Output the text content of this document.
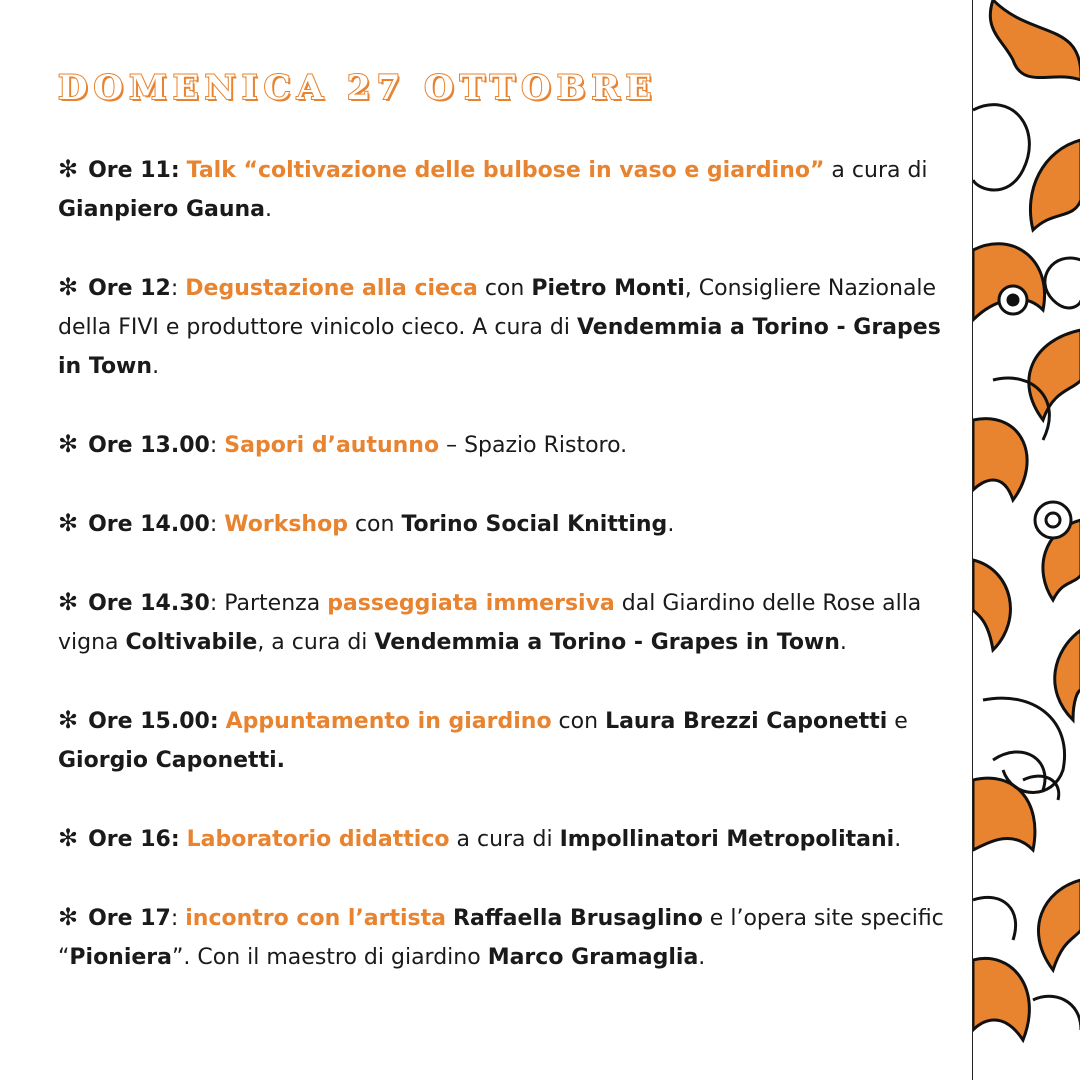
DOMENICA 27 OTTOBRE

✻ Ore 11: Talk “coltivazione delle bulbose in vaso e giardino” a cura di Gianpiero Gauna.

✻ Ore 12: Degustazione alla cieca con Pietro Monti, Consigliere Nazionale della FIVI e produttore vinicolo cieco. A cura di Vendemmia a Torino - Grapes in Town.

✻ Ore 13.00: Sapori d’autunno – Spazio Ristoro.

✻ Ore 14.00: Workshop con Torino Social Knitting.

✻ Ore 14.30: Partenza passeggiata immersiva dal Giardino delle Rose alla vigna Coltivabile, a cura di Vendemmia a Torino - Grapes in Town.

✻ Ore 15.00: Appuntamento in giardino con Laura Brezzi Caponetti e Giorgio Caponetti.

✻ Ore 16: Laboratorio didattico a cura di Impollinatori Metropolitani.

✻ Ore 17: incontro con l’artista Raffaella Brusaglino e l’opera site specific “Pioniera”. Con il maestro di giardino Marco Gramaglia.
